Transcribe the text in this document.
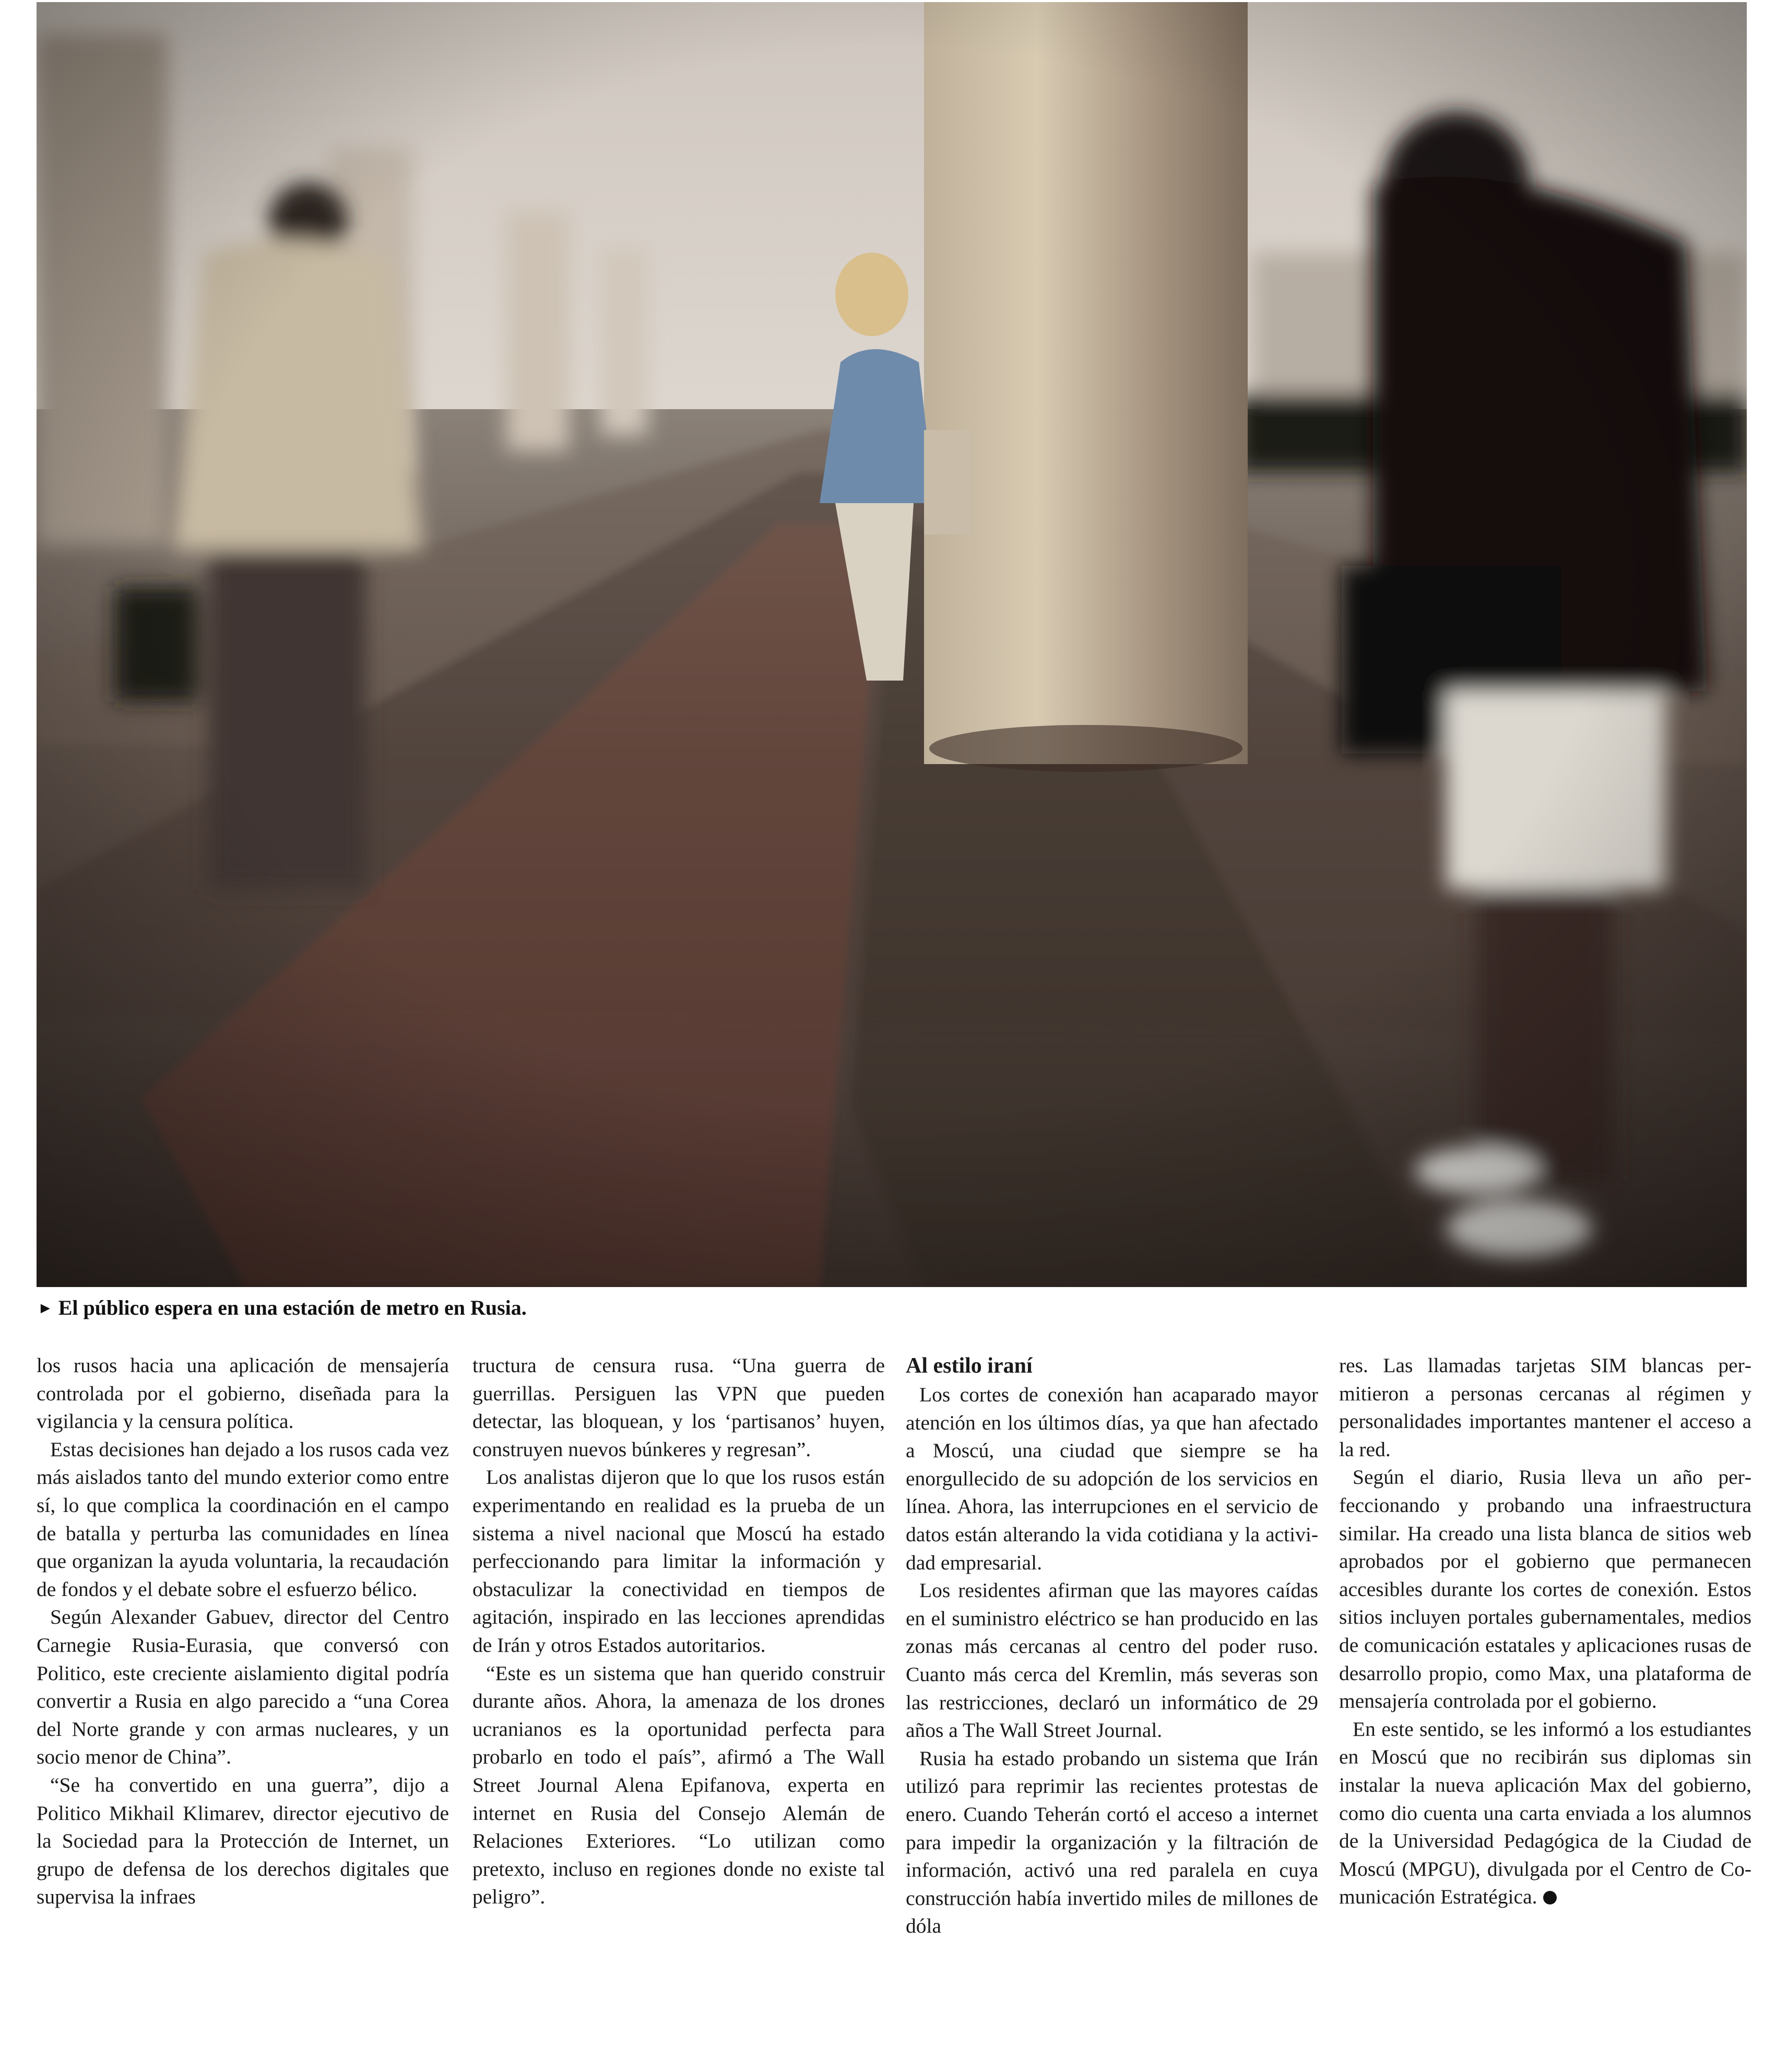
► El público espera en una estación de metro en Rusia.

los rusos hacia una aplicación de mensajería controlada por el gobierno, diseñada para la vigilancia y la censura política.

Estas decisiones han dejado a los rusos cada vez más aislados tanto del mundo exterior como entre sí, lo que complica la coordinación en el campo de batalla y perturba las comunidades en línea que organizan la ayuda voluntaria, la recaudación de fondos y el debate sobre el esfuerzo bélico.

Según Alexander Gabuev, director del Centro Carnegie Rusia-Eurasia, que conversó con Politico, este creciente aislamiento digital podría convertir a Rusia en algo parecido a “una Corea del Norte grande y con armas nucleares, y un socio menor de China”.

“Se ha convertido en una guerra”, dijo a Politico Mikhail Klimarev, director ejecutivo de la Sociedad para la Protección de Internet, un grupo de defensa de los derechos digitales que supervisa la infraes

tructura de censura rusa. “Una guerra de guerrillas. Persiguen las VPN que pueden detectar, las bloquean, y los ‘partisanos’ huyen, construyen nuevos búnkeres y regresan”.

Los analistas dijeron que lo que los rusos están experimentando en realidad es la prueba de un sistema a nivel nacional que Moscú ha estado perfeccionando para limitar la información y obstaculizar la conectividad en tiempos de agitación, inspirado en las lecciones aprendidas de Irán y otros Estados autoritarios.

“Este es un sistema que han querido construir durante años. Ahora, la amenaza de los drones ucranianos es la oportunidad perfecta para probarlo en todo el país”, afirmó a The Wall Street Journal Alena Epifanova, experta en internet en Rusia del Consejo Alemán de Relaciones Exteriores. “Lo utilizan como pretexto, incluso en regiones donde no existe tal peligro”.

Al estilo iraní

Los cortes de conexión han acaparado mayor atención en los últimos días, ya que han afectado a Moscú, una ciudad que siempre se ha enorgullecido de su adopción de los servicios en línea. Ahora, las interrupciones en el servicio de datos están alterando la vida cotidiana y la actividad empresarial.

Los residentes afirman que las mayores caídas en el suministro eléctrico se han producido en las zonas más cercanas al centro del poder ruso. Cuanto más cerca del Kremlin, más severas son las restricciones, declaró un informático de 29 años a The Wall Street Journal.

Rusia ha estado probando un sistema que Irán utilizó para reprimir las recientes protestas de enero. Cuando Teherán cortó el acceso a internet para impedir la organización y la filtración de información, activó una red paralela en cuya construcción había invertido miles de millones de dóla

res. Las llamadas tarjetas SIM blancas permitieron a personas cercanas al régimen y personalidades importantes mantener el acceso a la red.

Según el diario, Rusia lleva un año perfeccionando y probando una infraestructura similar. Ha creado una lista blanca de sitios web aprobados por el gobierno que permanecen accesibles durante los cortes de conexión. Estos sitios incluyen portales gubernamentales, medios de comunicación estatales y aplicaciones rusas de desarrollo propio, como Max, una plataforma de mensajería controlada por el gobierno.

En este sentido, se les informó a los estudiantes en Moscú que no recibirán sus diplomas sin instalar la nueva aplicación Max del gobierno, como dio cuenta una carta enviada a los alumnos de la Universidad Pedagógica de la Ciudad de Moscú (MPGU), divulgada por el Centro de Comunicación Estratégica.
